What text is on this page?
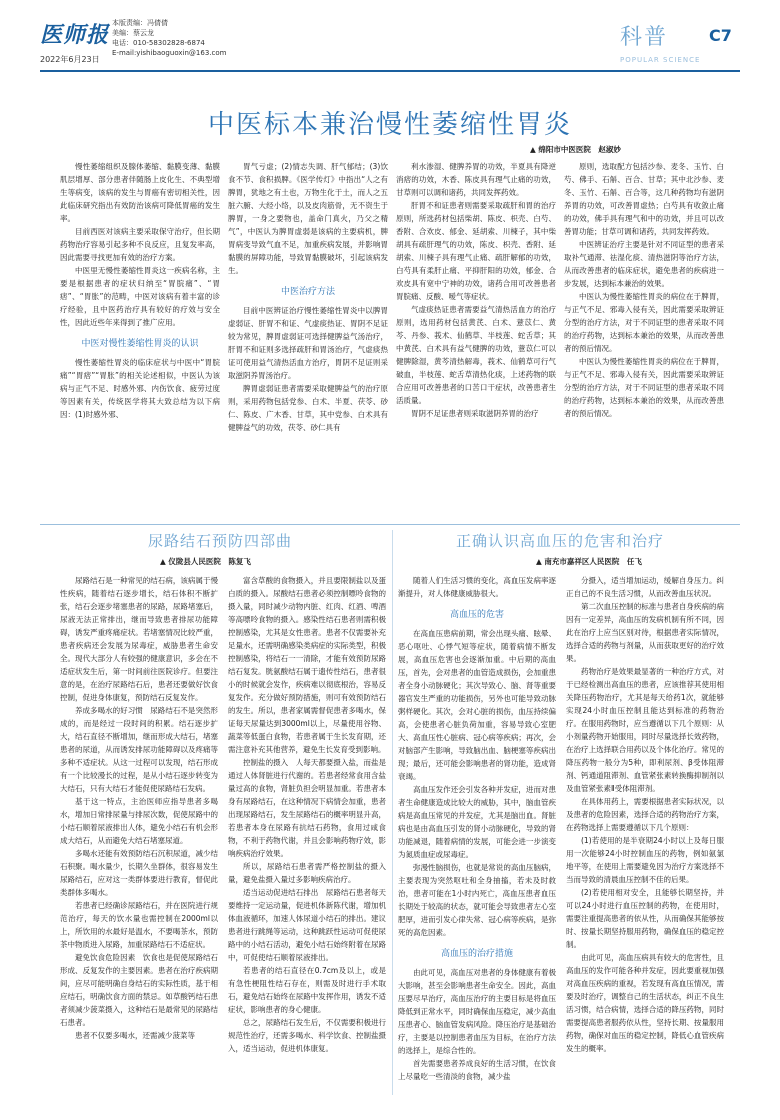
医师报 本版责编：冯倩倩
美编：蔡云龙
电话：010-58302828-6874
E-mail:yishibaoguoxin@163.com
2022年6月23日
科普	C7
POPULAR SCIENCE
中医标本兼治慢性萎缩性胃炎
▲ 绵阳市中医医院　赵淑妙

慢性萎缩组织及腺体萎缩、黏膜变薄、黏膜肌层增厚、部分患者伴随肠上皮化生、不典型增生等病变，该病的发生与胃癌有密切相关性，因此临床研究指出有效防治该病可降低胃癌的发生率。

目前西医对该病主要采取保守治疗，但长期药物治疗容易引起多种不良反应，且复发率高，因此需要寻找更加有效的治疗方案。

中医里无慢性萎缩性胃炎这一疾病名称，主要是根据患者的症状归纳至“胃脘痛”、“胃痞”、“胃胀”的范畴，中医对该病有着丰富的诊疗经验，且中医药治疗具有较好的疗效与安全性，因此近些年来得到了推广应用。

中医对慢性萎缩性胃炎的认识

慢性萎缩性胃炎的临床症状与中医中“胃脘痛”“胃痞”“胃胀”的相关论述相似，中医认为该病与正气不足、时感外邪、内伤饮食、疲劳过度等因素有关，传统医学将其大致总结为以下病因：(1)时感外邪、

胃气亏虚；(2)情志失调、肝气郁结；(3)饮食不节、食积损脾。《医学传灯》中指出“人之有脾胃，犹地之有土也，万物生化于土，而人之五脏六腑、大经小络，以及皮肉筋骨，无不资生于脾胃，一身之要物也，盖命门真火，乃父之精气”，中医认为脾胃虚弱是该病的主要病机，脾胃病变导致气血不足，加重疾病发展，并影响胃黏膜的屏障功能，导致胃黏膜破坏，引起该病发生。

中医治疗方法

目前中医辨证治疗慢性萎缩性胃炎中以脾胃虚弱证、肝胃不和证、气虚痰热证、胃阴不足证较为常见，脾胃虚弱证可选择健脾益气汤治疗，肝胃不和证则多选择疏肝和胃汤治疗，气虚痰热证可使用益气清热活血方治疗，胃阴不足证则采取滋阴养胃汤治疗。

脾胃虚弱证患者需要采取健脾益气的治疗原则，采用药物包括党参、白术、半夏、茯苓、砂仁、陈皮、广木香、甘草，其中党参、白术具有健脾益气的功效，茯苓、砂仁具有

利水渗湿、健脾养胃的功效，半夏具有降逆消痞的功效，木香、陈皮具有理气止痛的功效，甘草则可以调和诸药，共同发挥药效。

肝胃不和证患者则需要采取疏肝和胃的治疗原则，所选药材包括柴胡、陈皮、枳壳、白芍、香附、合欢皮、郁金、延胡索、川楝子，其中柴胡具有疏肝理气的功效，陈皮、枳壳、香附、延胡索、川楝子具有理气止痛、疏肝解郁的功效，白芍具有柔肝止痛、平抑肝阳的功效，郁金、合欢皮具有宽中宁神的功效，诸药合用可改善患者胃脘痛、反酸、嗳气等症状。

气虚痰热证患者需要益气清热活血方的治疗原则，选用药材包括黄芪、白术、薏苡仁、黄芩、丹参、莪术、仙鹤草、半枝莲、蛇舌草；其中黄芪、白术具有益气健脾的功效，薏苡仁可以健脾除湿，黄芩清热解毒，莪术、仙鹤草可行气破血，半枝莲、蛇舌草清热化痰，上述药物的联合应用可改善患者的口苦口干症状，改善患者生活质量。

胃阴不足证患者则采取滋阴养胃的治疗

原则，选取配方包括沙参、麦冬、玉竹、白芍、佛手、石斛、百合、甘草；其中北沙参、麦冬、玉竹、石斛、百合等，这几种药物均有滋阴养胃的功效，可改善胃虚热；白芍具有收敛止痛的功效，佛手具有理气和中的功效，并且可以改善胃功能；甘草可调和诸药，共同发挥药效。

中医辨证治疗主要是针对不同证型的患者采取补气通滞、祛湿化痰、清热滋阴等治疗方法，从而改善患者的临床症状，避免患者的疾病进一步发展，达到标本兼治的效果。

中医认为慢性萎缩性胃炎的病位在于脾胃，与正气不足、邪毒入侵有关，因此需要采取辨证分型的治疗方法，对于不同证型的患者采取不同的治疗药物，达到标本兼治的效果，从而改善患者的预后情况。

中医认为慢性萎缩性胃炎的病位在于脾胃，与正气不足、邪毒入侵有关，因此需要采取辨证分型的治疗方法，对于不同证型的患者采取不同的治疗药物，达到标本兼治的效果，从而改善患者的预后情况。

尿路结石预防四部曲
▲ 仪陇县人民医院　陈复飞

尿路结石是一种常见的结石病，该病属于慢性疾病，随着结石逐步增长，结石体积不断扩张，结石会逐步堵塞患者的尿路，尿路堵塞后，尿液无法正常排出，继而导致患者排尿功能障碍，诱发严重疼痛症状。若堵塞情况比较严重，患者疾病还会发展为尿毒症，威胁患者生命安全。现代大部分人有较强的健康意识，多会在不适症状发生后，第一时间前往医院诊疗。但要注意的是，在治疗尿路结石后，患者还要做好饮食控制，促进身体康复，预防结石反复发作。

养成多喝水的好习惯　尿路结石不是突然形成的，而是经过一段时间的积累。结石逐步扩大，结石直径不断增加，继而形成大结石，堵塞患者的尿道，从而诱发排尿功能障碍以及疼痛等多种不适症状。从这一过程可以发现，结石形成有一个比较漫长的过程，是从小结石逐步转变为大结石，只有大结石才能促使尿路结石发病。

基于这一特点，主治医师应指导患者多喝水，增加日常排尿量与排尿次数，促使尿路中的小结石顺着尿液排出人体，避免小结石有机会形成大结石，从而避免大结石堵塞尿道。

多喝水还能有效预防结石沉积尿道，减少结石积聚。喝水量少，长期久坐群体，很容易发生尿路结石，应对这一类群体要进行教育，督促此类群体多喝水。

若患者已经确诊尿路结石，并在医院进行规范治疗，每天的饮水量也需控制在2000ml以上，所饮用的水最好是温水，不要喝茶水，预防茶中物质进入尿路，加重尿路结石不适症状。

避免饮食危险因素　饮食也是促使尿路结石形成、反复发作的主要因素。患者在治疗疾病期间，应尽可能明确自身结石的实际性质，基于相应结石，明确饮食方面的禁忌。如草酸钙结石患者须减少菠菜摄入，这种结石是最常见的尿路结石患者。

患者不仅要多喝水，还需减少菠菜等

富含草酸的食物摄入，并且要限制盐以及蛋白质的摄入。尿酸结石患者必须控制嘌呤食物的摄入量，同时减少动物内脏、红肉、红酒、啤酒等高嘌呤食物的摄入。感染性结石患者则需积极控制感染，尤其是女性患者。患者不仅需要补充足量水，还需明确感染类病症的实际类型，积极控制感染，将结石一一清除，才能有效预防尿路结石复发。胱氨酸结石属于遗传性结石，患者很小的时候就会发作，疾病难以彻底根治，容易反复发作。充分做好预防措施，则可有效预防结石的发生。所以，患者家属需督促患者多喝水，保证每天尿量达到3000ml以上，尽量使用谷物、蔬菜等低蛋白食物，若患者属于生长发育期，还需注意补充其他营养，避免生长发育受到影响。

控制盐的摄入　人每天都要摄入盐，而盐是通过人体肾脏进行代谢的。若患者经常食用含盐量过高的食物，肾脏负担会明显加重。若患者本身有尿路结石，在这种情况下病情会加重，患者出现尿路结石，发生尿路结石的概率明显升高，若患者本身在尿路有抗结石药物，食用过咸食物，不利于药物代谢，并且会影响药物疗效，影响疾病治疗效果。

所以，尿路结石患者需严格控制盐的摄入量，避免盐摄入量过多影响疾病治疗。

适当运动促进结石排出　尿路结石患者每天要维持一定运动量，促进机体新陈代谢，增加机体血液循环，加速人体尿道小结石的排出。建议患者进行跳绳等运动，这种跳跃性运动可促使尿路中的小结石活动，避免小结石始终附着在尿路中，可促使结石顺着尿液排出。

若患者的结石直径在0.7cm及以上，或是有急性梗阻性结石存在，则需及时进行手术取石，避免结石始终在尿路中发挥作用，诱发不适症状，影响患者的身心健康。

总之，尿路结石发生后，不仅需要积极进行规范性治疗，还需多喝水、科学饮食、控制盐摄入，适当运动，促进机体康复。

正确认识高血压的危害和治疗
▲ 南充市嘉祥区人民医院　任飞

随着人们生活习惯的变化，高血压发病率逐渐提升，对人体健康威胁很大。

高血压的危害

在高血压患病前期，常会出现头痛、眩晕、恶心呕吐、心悸气短等症状，随着病情不断发展，高血压危害也会逐渐加重。中后期的高血压，首先，会对患者的血管造成损伤，会加重患者全身小动脉硬化；其次导致心、脑、肾等重要器官发生严重的功能损伤，另外也可能导致动脉粥样硬化。其次，会对心脏的损伤，血压持续偏高，会使患者心脏负荷加重，容易导致心室肥大、高血压性心脏病、冠心病等疾病；再次，会对脑部产生影响，导致脑出血、脑梗塞等疾病出现；最后，还可能会影响患者的肾功能，造成肾衰竭。

高血压发作还会引发各种并发症，进而对患者生命健康造成比较大的威胁，其中，脑血管疾病是高血压常见的并发症，尤其是脑出血。肾脏病也是由高血压引发的肾小动脉硬化，导致的肾功能减退，随着病情的发展，可能会进一步演变为氮质血症或尿毒症。

弥漫性脑损伤，也就是常说的高血压脑病，主要表现为突然呕吐和全身抽搐，若未及时救治，患者可能在1小时内死亡，高血压患者血压长期处于较高的状态，就可能会导致患者左心室肥厚，进而引发心律失常、冠心病等疾病，是弥死的高危因素。

高血压的治疗措施

由此可见，高血压对患者的身体健康有着极大影响，甚至会影响患者生命安全。因此，高血压要尽早治疗，高血压治疗的主要目标是将血压降低到正常水平，同时确保血压稳定，减少高血压患者心、脑血管发病风险。降压治疗是基础治疗，主要是以控制患者血压为目标，在治疗方法的选择上，是综合性的。

首先需要患者养成良好的生活习惯，在饮食上尽量吃一些清淡的食物，减少盐

分摄入，适当增加运动，缓解自身压力。纠正自己的不良生活习惯，从而改善血压状况。

第二次血压控制的标准与患者自身疾病的病因有一定差异，高血压的发病机制有所不同，因此在治疗上应当区别对待，根据患者实际情况，选择合适的药物与剂量，从而获取更好的治疗效果。

药物治疗是效果最显著的一种治疗方式，对于已经检测出高血压的患者，应该推荐其使用相关降压药物治疗，尤其是每天给药1次，就能够实现24小时血压控制且能达到标准的药物治疗。在服用药物时，应当遵循以下几个原则：从小剂量药物开始服用，同时尽量选择长效药物，在治疗上选择联合用药以及个体化治疗。常见的降压药物一般分为5种，即利尿剂、β受体阻滞剂、钙通道阻滞剂、血管紧张素转换酶抑制剂以及血管紧张素Ⅱ受体阻滞剂。

在具体用药上，需要根据患者实际状况，以及患者的危险因素，选择合适的药物治疗方案，在药物选择上需要遵循以下几个原则：

(1)若使用的是半衰期24小时以上及每日服用一次能够24小时控制血压的药物，例如氨氯地平等，在使用上需要避免因为治疗方案选择不当而导致的清晨血压控制不佳的后果。

(2)若使用相对安全，且能够长期坚持，并可以24小时进行血压控制的药物，在使用时，需要注重提高患者的依从性，从而确保其能够按时、按量长期坚持服用药物，确保血压的稳定控制。

由此可见，高血压病具有较大的危害性，且高血压的发作可能各种并发症，因此要重视加强对高血压疾病的重视，若发现有高血压情况，需要及时治疗，调整自己的生活状态，纠正不良生活习惯，结合病情，选择合适的降压药物，同时需要提高患者服药依从性，坚持长期、按量服用药物，确保对血压的稳定控制，降低心血管疾病发生的概率。
